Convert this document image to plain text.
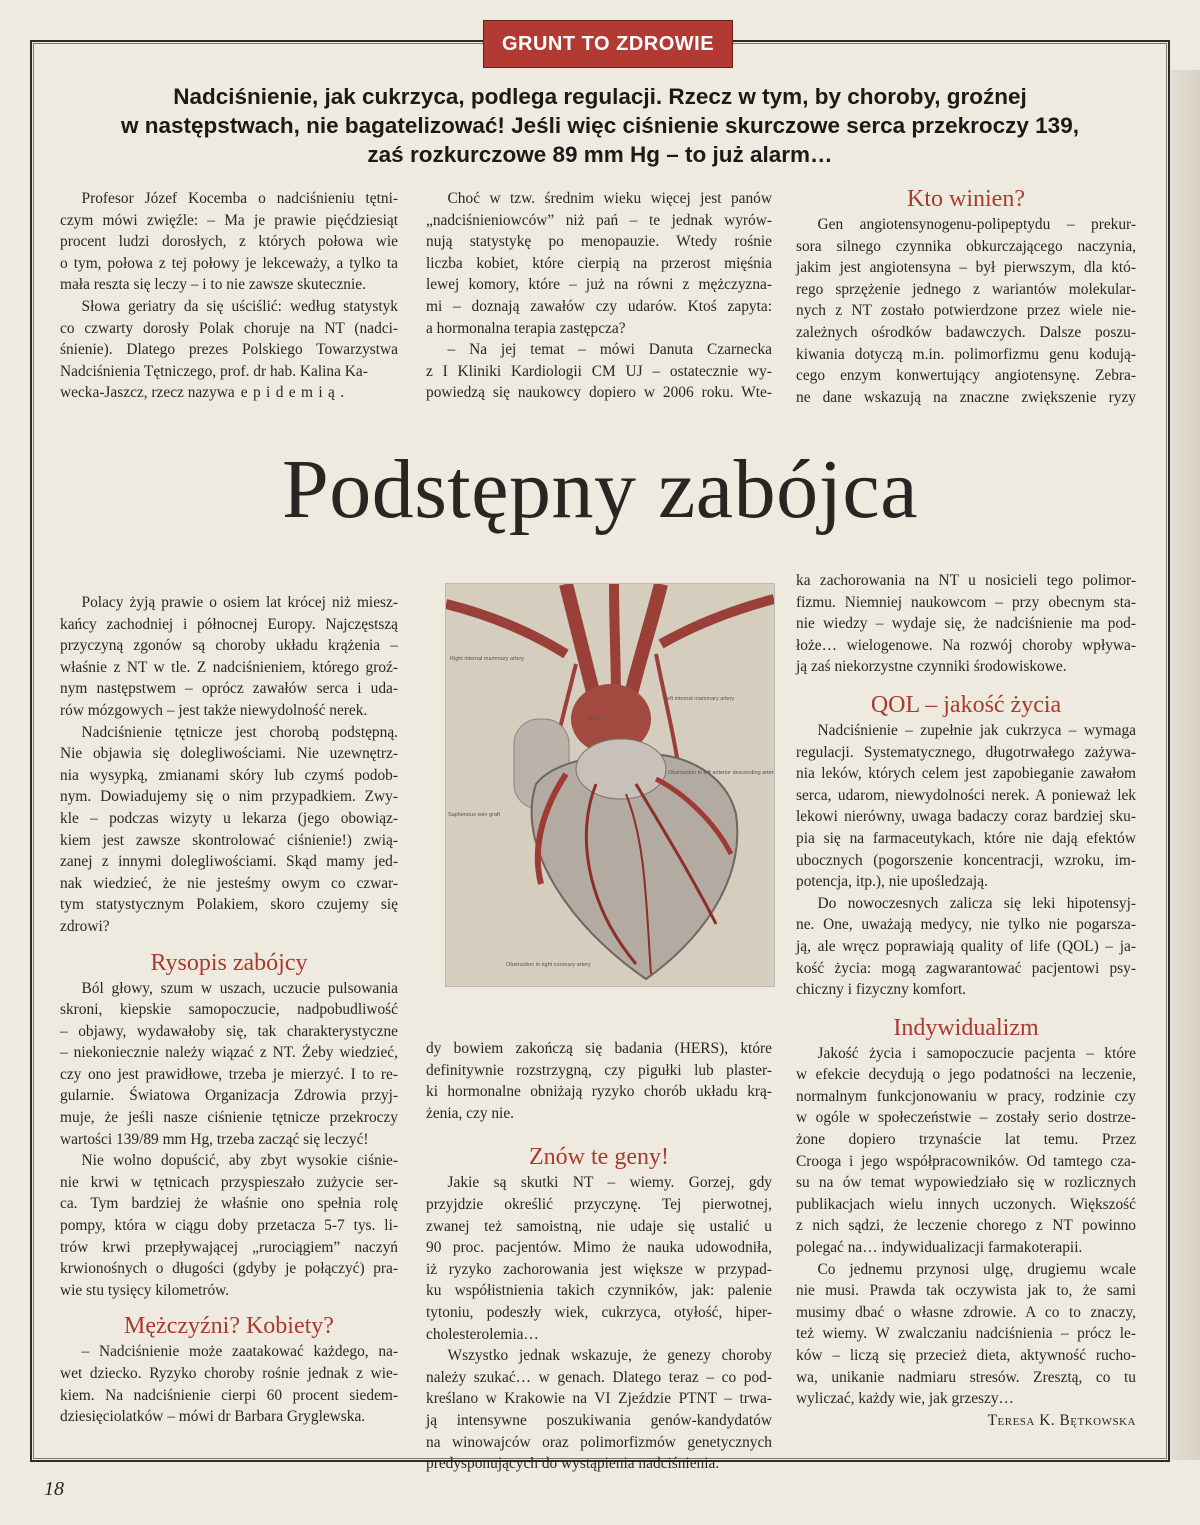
GRUNT TO ZDROWIE
Nadciśnienie, jak cukrzyca, podlega regulacji. Rzecz w tym, by choroby, groźnej
w następstwach, nie bagatelizować! Jeśli więc ciśnienie skurczowe serca przekroczy 139,
zaś rozkurczowe 89 mm Hg – to już alarm…
Profesor Józef Kocemba o nadciśnieniu tętni-
czym mówi zwięźle: – Ma je prawie pięćdziesiąt
procent ludzi dorosłych, z których połowa wie
o tym, połowa z tej połowy je lekceważy, a tylko ta
mała reszta się leczy – i to nie zawsze skutecznie.
Słowa geriatry da się uściślić: według statystyk
co czwarty dorosły Polak choruje na NT (nadci-
śnienie). Dlatego prezes Polskiego Towarzystwa
Nadciśnienia Tętniczego, prof. dr hab. Kalina Ka-
wecka-Jaszcz, rzecz nazywa epidemią.
Choć w tzw. średnim wieku więcej jest panów
„nadciśnieniowców” niż pań – te jednak wyrów-
nują statystykę po menopauzie. Wtedy rośnie
liczba kobiet, które cierpią na przerost mięśnia
lewej komory, które – już na równi z mężczyzna-
mi – doznają zawałów czy udarów. Ktoś zapyta:
a hormonalna terapia zastępcza?
– Na jej temat – mówi Danuta Czarnecka
z I Kliniki Kardiologii CM UJ – ostatecznie wy-
powiedzą się naukowcy dopiero w 2006 roku. Wte-
Kto winien?
Gen angiotensynogenu-polipeptydu – prekur-
sora silnego czynnika obkurczającego naczynia,
jakim jest angiotensyna – był pierwszym, dla któ-
rego sprzężenie jednego z wariantów molekular-
nych z NT zostało potwierdzone przez wiele nie-
zależnych ośrodków badawczych. Dalsze poszu-
kiwania dotyczą m.in. polimorfizmu genu kodują-
cego enzym konwertujący angiotensynę. Zebra-
ne dane wskazują na znaczne zwiększenie ryzy
Podstępny zabójca
Polacy żyją prawie o osiem lat krócej niż miesz-
kańcy zachodniej i północnej Europy. Najczęstszą
przyczyną zgonów są choroby układu krążenia –
właśnie z NT w tle. Z nadciśnieniem, którego groź-
nym następstwem – oprócz zawałów serca i uda-
rów mózgowych – jest także niewydolność nerek.
Nadciśnienie tętnicze jest chorobą podstępną.
Nie objawia się dolegliwościami. Nie uzewnętrz-
nia wysypką, zmianami skóry lub czymś podob-
nym. Dowiadujemy się o nim przypadkiem. Zwy-
kle – podczas wizyty u lekarza (jego obowiąz-
kiem jest zawsze skontrolować ciśnienie!) zwią-
zanej z innymi dolegliwościami. Skąd mamy jed-
nak wiedzieć, że nie jesteśmy owym co czwar-
tym statystycznym Polakiem, skoro czujemy się
zdrowi?
Rysopis zabójcy
Ból głowy, szum w uszach, uczucie pulsowania
skroni, kiepskie samopoczucie, nadpobudliwość
– objawy, wydawałoby się, tak charakterystyczne
– niekoniecznie należy wiązać z NT. Żeby wiedzieć,
czy ono jest prawidłowe, trzeba je mierzyć. I to re-
gularnie. Światowa Organizacja Zdrowia przyj-
muje, że jeśli nasze ciśnienie tętnicze przekroczy
wartości 139/89 mm Hg, trzeba zacząć się leczyć!
Nie wolno dopuścić, aby zbyt wysokie ciśnie-
nie krwi w tętnicach przyspieszało zużycie ser-
ca. Tym bardziej że właśnie ono spełnia rolę
pompy, która w ciągu doby przetacza 5-7 tys. li-
trów krwi przepływającej „rurociągiem” naczyń
krwionośnych o długości (gdyby je połączyć) pra-
wie stu tysięcy kilometrów.
Mężczyźni? Kobiety?
– Nadciśnienie może zaatakować każdego, na-
wet dziecko. Ryzyko choroby rośnie jednak z wie-
kiem. Na nadciśnienie cierpi 60 procent siedem-
dziesięciolatków – mówi dr Barbara Gryglewska.
Right internal mammary artery
Left internal mammary artery
Aorta
Obstruction in left anterior descending artery
Saphenous vein graft
Obstruction in right coronary artery
dy bowiem zakończą się badania (HERS), które
definitywnie rozstrzygną, czy pigułki lub plaster-
ki hormonalne obniżają ryzyko chorób układu krą-
żenia, czy nie.
Znów te geny!
Jakie są skutki NT – wiemy. Gorzej, gdy
przyjdzie określić przyczynę. Tej pierwotnej,
zwanej też samoistną, nie udaje się ustalić u
90 proc. pacjentów. Mimo że nauka udowodniła,
iż ryzyko zachorowania jest większe w przypad-
ku współistnienia takich czynników, jak: palenie
tytoniu, podeszły wiek, cukrzyca, otyłość, hiper-
cholesterolemia…
Wszystko jednak wskazuje, że genezy choroby
należy szukać… w genach. Dlatego teraz – co pod-
kreślano w Krakowie na VI Zjeździe PTNT – trwa-
ją intensywne poszukiwania genów-kandydatów
na winowajców oraz polimorfizmów genetycznych
predysponujących do wystąpienia nadciśnienia.
ka zachorowania na NT u nosicieli tego polimor-
fizmu. Niemniej naukowcom – przy obecnym sta-
nie wiedzy – wydaje się, że nadciśnienie ma pod-
łoże… wielogenowe. Na rozwój choroby wpływa-
ją zaś niekorzystne czynniki środowiskowe.
QOL – jakość życia
Nadciśnienie – zupełnie jak cukrzyca – wymaga
regulacji. Systematycznego, długotrwałego zażywa-
nia leków, których celem jest zapobieganie zawałom
serca, udarom, niewydolności nerek. A ponieważ lek
lekowi nierówny, uwaga badaczy coraz bardziej sku-
pia się na farmaceutykach, które nie dają efektów
ubocznych (pogorszenie koncentracji, wzroku, im-
potencja, itp.), nie upośledzają.
Do nowoczesnych zalicza się leki hipotensyj-
ne. One, uważają medycy, nie tylko nie pogarsza-
ją, ale wręcz poprawiają quality of life (QOL) – ja-
kość życia: mogą zagwarantować pacjentowi psy-
chiczny i fizyczny komfort.
Indywidualizm
Jakość życia i samopoczucie pacjenta – które
w efekcie decydują o jego podatności na leczenie,
normalnym funkcjonowaniu w pracy, rodzinie czy
w ogóle w społeczeństwie – zostały serio dostrze-
żone dopiero trzynaście lat temu. Przez
Crooga i jego współpracowników. Od tamtego cza-
su na ów temat wypowiedziało się w rozlicznych
publikacjach wielu innych uczonych. Większość
z nich sądzi, że leczenie chorego z NT powinno
polegać na… indywidualizacji farmakoterapii.
Co jednemu przynosi ulgę, drugiemu wcale
nie musi. Prawda tak oczywista jak to, że sami
musimy dbać o własne zdrowie. A co to znaczy,
też wiemy. W zwalczaniu nadciśnienia – prócz le-
ków – liczą się przecież dieta, aktywność rucho-
wa, unikanie nadmiaru stresów. Zresztą, co tu
wyliczać, każdy wie, jak grzeszy…
Teresa K. Bętkowska
18
